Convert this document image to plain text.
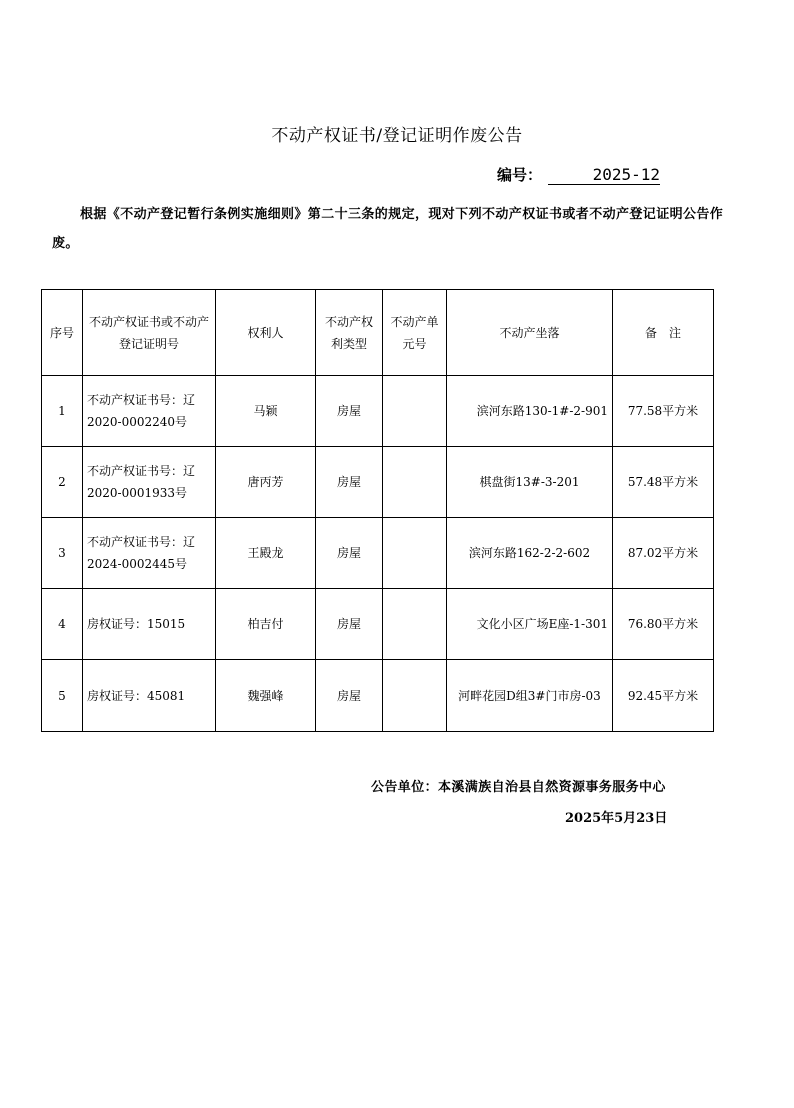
不动产权证书/登记证明作废公告
编号：	2025-12
根据《不动产登记暂行条例实施细则》第二十三条的规定，现对下列不动产权证书或者不动产登记证明公告作废。
序号	不动产权证书或不动产登记证明号	权利人	不动产权利类型	不动产单元号	不动产坐落	备　注
1	不动产权证书号：辽2020-0002240号	马颖	房屋		滨河东路130-1#-2-901	77.58平方米
2	不动产权证书号：辽2020-0001933号	唐丙芳	房屋		棋盘街13#-3-201	57.48平方米
3	不动产权证书号：辽2024-0002445号	王殿龙	房屋		滨河东路162-2-2-602	87.02平方米
4	房权证号：15015	柏吉付	房屋		文化小区广场E座-1-301	76.80平方米
5	房权证号：45081	魏强峰	房屋		河畔花园D组3#门市房-03	92.45平方米
公告单位：本溪满族自治县自然资源事务服务中心
2025年5月23日
